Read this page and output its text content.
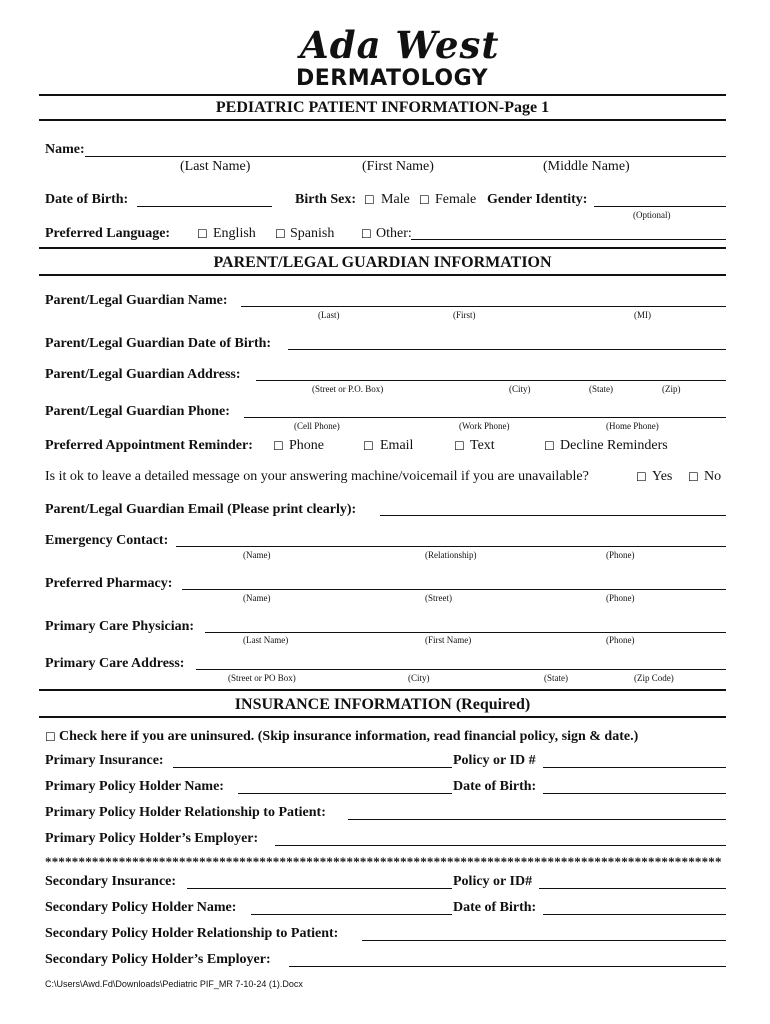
Ada West
DERMATOLOGY
PEDIATRIC PATIENT INFORMATION-Page 1
Name:
(Last Name)	(First Name)	(Middle Name)
Date of Birth:	Birth Sex: ☐ Male ☐ Female Gender Identity:
(Optional)
Preferred Language: ☐ English ☐ Spanish ☐ Other:
PARENT/LEGAL GUARDIAN INFORMATION
Parent/Legal Guardian Name:
(Last)	(First)	(MI)
Parent/Legal Guardian Date of Birth:
Parent/Legal Guardian Address:
(Street or P.O. Box)	(City)	(State)	(Zip)
Parent/Legal Guardian Phone:
(Cell Phone)	(Work Phone)	(Home Phone)
Preferred Appointment Reminder: ☐ Phone	☐ Email	☐ Text	☐ Decline Reminders
Is it ok to leave a detailed message on your answering machine/voicemail if you are unavailable?	☐ Yes ☐ No
Parent/Legal Guardian Email (Please print clearly):
Emergency Contact:
(Name)	(Relationship)	(Phone)
Preferred Pharmacy:
(Name)	(Street)	(Phone)
Primary Care Physician:
(Last Name)	(First Name)	(Phone)
Primary Care Address:
(Street or PO Box)	(City)	(State)	(Zip Code)
INSURANCE INFORMATION (Required)
☐ Check here if you are uninsured. (Skip insurance information, read financial policy, sign & date.)
Primary Insurance:	Policy or ID #
Primary Policy Holder Name:	Date of Birth:
Primary Policy Holder Relationship to Patient:
Primary Policy Holder’s Employer:
*****************************************************************************************************
Secondary Insurance:	Policy or ID#
Secondary Policy Holder Name:	Date of Birth:
Secondary Policy Holder Relationship to Patient:
Secondary Policy Holder’s Employer:
C:\Users\Awd.Fd\Downloads\Pediatric PIF_MR 7-10-24 (1).Docx
